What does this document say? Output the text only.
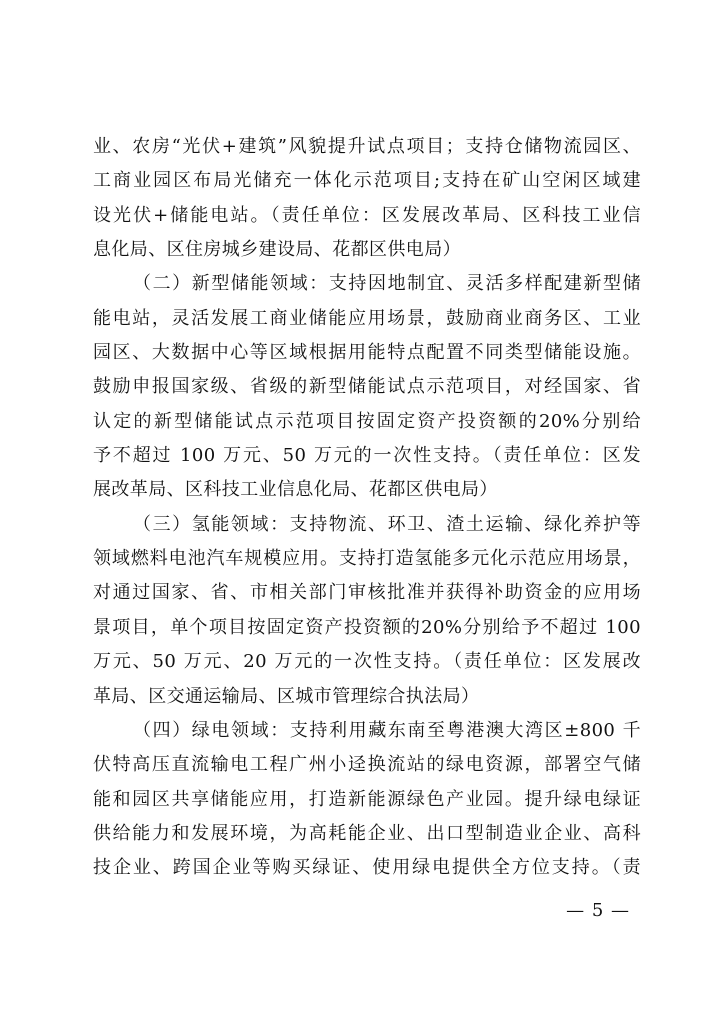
业、农房“光伏+建筑”风貌提升试点项目；支持仓储物流园区、
工商业园区布局光储充一体化示范项目;支持在矿山空闲区域建
设光伏+储能电站。（责任单位：区发展改革局、区科技工业信
息化局、区住房城乡建设局、花都区供电局）
（二）新型储能领域：支持因地制宜、灵活多样配建新型储
能电站，灵活发展工商业储能应用场景，鼓励商业商务区、工业
园区、大数据中心等区域根据用能特点配置不同类型储能设施。
鼓励申报国家级、省级的新型储能试点示范项目，对经国家、省
认定的新型储能试点示范项目按固定资产投资额的20%分别给
予不超过 100 万元、50 万元的一次性支持。（责任单位：区发
展改革局、区科技工业信息化局、花都区供电局）
（三）氢能领域：支持物流、环卫、渣土运输、绿化养护等
领域燃料电池汽车规模应用。支持打造氢能多元化示范应用场景，
对通过国家、省、市相关部门审核批准并获得补助资金的应用场
景项目，单个项目按固定资产投资额的20%分别给予不超过 100
万元、50 万元、20 万元的一次性支持。（责任单位：区发展改
革局、区交通运输局、区城市管理综合执法局）
（四）绿电领域：支持利用藏东南至粤港澳大湾区±800 千
伏特高压直流输电工程广州小迳换流站的绿电资源，部署空气储
能和园区共享储能应用，打造新能源绿色产业园。提升绿电绿证
供给能力和发展环境，为高耗能企业、出口型制造业企业、高科
技企业、跨国企业等购买绿证、使用绿电提供全方位支持。（责
— 5 —
